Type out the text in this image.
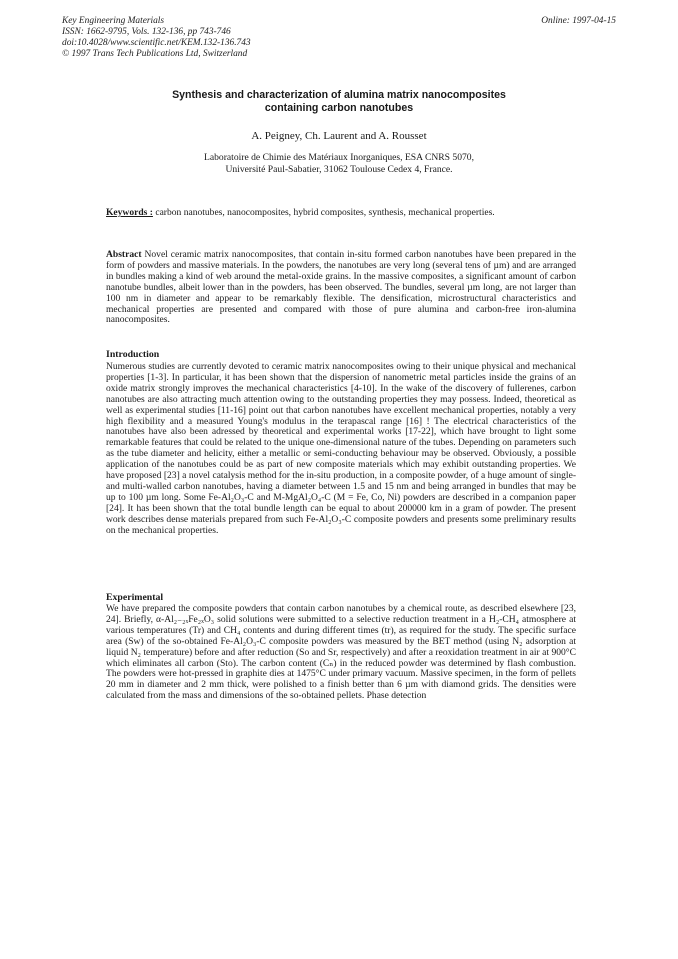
Key Engineering Materials
ISSN: 1662-9795, Vols. 132-136, pp 743-746
doi:10.4028/www.scientific.net/KEM.132-136.743
© 1997 Trans Tech Publications Ltd, Switzerland
Online: 1997-04-15
Synthesis and characterization of alumina matrix nanocomposites
containing carbon nanotubes
A. Peigney, Ch. Laurent and A. Rousset
Laboratoire de Chimie des Matériaux Inorganiques, ESA CNRS 5070,
Université Paul-Sabatier, 31062 Toulouse Cedex 4, France.
Keywords : carbon nanotubes, nanocomposites, hybrid composites, synthesis, mechanical properties.
Abstract Novel ceramic matrix nanocomposites, that contain in-situ formed carbon nanotubes have been prepared in the form of powders and massive materials. In the powders, the nanotubes are very long (several tens of µm) and are arranged in bundles making a kind of web around the metal-oxide grains. In the massive composites, a significant amount of carbon nanotube bundles, albeit lower than in the powders, has been observed. The bundles, several µm long, are not larger than 100 nm in diameter and appear to be remarkably flexible. The densification, microstructural characteristics and mechanical properties are presented and compared with those of pure alumina and carbon-free iron-alumina nanocomposites.
Introduction
Numerous studies are currently devoted to ceramic matrix nanocomposites owing to their unique physical and mechanical properties [1-3]. In particular, it has been shown that the dispersion of nanometric metal particles inside the grains of an oxide matrix strongly improves the mechanical characteristics [4-10]. In the wake of the discovery of fullerenes, carbon nanotubes are also attracting much attention owing to the outstanding properties they may possess. Indeed, theoretical as well as experimental studies [11-16] point out that carbon nanotubes have excellent mechanical properties, notably a very high flexibility and a measured Young's modulus in the terapascal range [16] ! The electrical characteristics of the nanotubes have also been adressed by theoretical and experimental works [17-22], which have brought to light some remarkable features that could be related to the unique one-dimensional nature of the tubes. Depending on parameters such as the tube diameter and helicity, either a metallic or semi-conducting behaviour may be observed. Obviously, a possible application of the nanotubes could be as part of new composite materials which may exhibit outstanding properties. We have proposed [23] a novel catalysis method for the in-situ production, in a composite powder, of a huge amount of single- and multi-walled carbon nanotubes, having a diameter between 1.5 and 15 nm and being arranged in bundles that may be up to 100 µm long. Some Fe-Al₂O₃-C and M-MgAl₂O₄-C (M = Fe, Co, Ni) powders are described in a companion paper [24]. It has been shown that the total bundle length can be equal to about 200000 km in a gram of powder. The present work describes dense materials prepared from such Fe-Al₂O₃-C composite powders and presents some preliminary results on the mechanical properties.
Experimental
We have prepared the composite powders that contain carbon nanotubes by a chemical route, as described elsewhere [23, 24]. Briefly, α-Al₂₋₂ₓFe₂ₓO₃ solid solutions were submitted to a selective reduction treatment in a H₂-CH₄ atmosphere at various temperatures (Tr) and CH₄ contents and during different times (tr), as required for the study. The specific surface area (Sw) of the so-obtained Fe-Al₂O₃-C composite powders was measured by the BET method (using N₂ adsorption at liquid N₂ temperature) before and after reduction (So and Sr, respectively) and after a reoxidation treatment in air at 900°C which eliminates all carbon (Sto). The carbon content (Cₙ) in the reduced powder was determined by flash combustion. The powders were hot-pressed in graphite dies at 1475°C under primary vacuum. Massive specimen, in the form of pellets 20 mm in diameter and 2 mm thick, were polished to a finish better than 6 µm with diamond grids. The densities were calculated from the mass and dimensions of the so-obtained pellets. Phase detection
